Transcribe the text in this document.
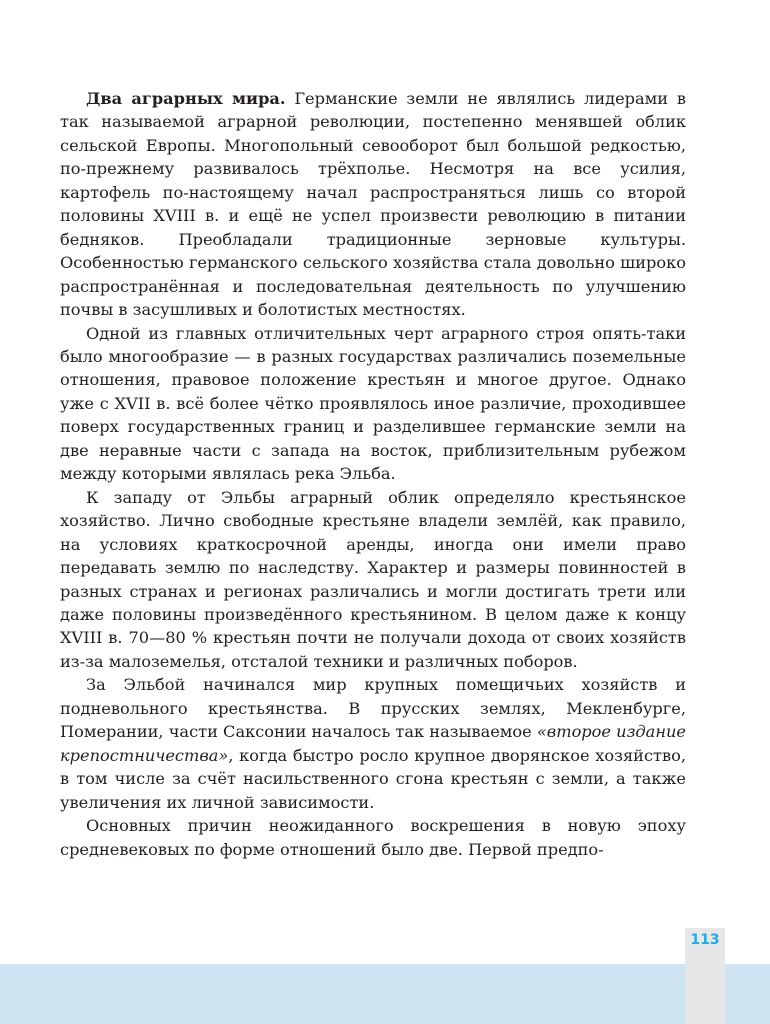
Два аграрных мира. Германские земли не являлись лидерами в так называемой аграрной революции, постепенно менявшей облик сельской Европы. Многопольный севооборот был большой редкостью, по-прежнему развивалось трёхполье. Несмотря на все усилия, картофель по-настоящему начал распространяться лишь со второй половины XVIII в. и ещё не успел произвести революцию в питании бедняков. Преобладали традиционные зерновые культуры. Особенностью германского сельского хозяйства стала довольно широко распространённая и последовательная деятельность по улучшению почвы в засушливых и болотистых местностях.

Одной из главных отличительных черт аграрного строя опять-таки было многообразие — в разных государствах различались поземельные отношения, правовое положение крестьян и многое другое. Однако уже с XVII в. всё более чётко проявлялось иное различие, проходившее поверх государственных границ и разделившее германские земли на две неравные части с запада на восток, приблизительным рубежом между которыми являлась река Эльба.

К западу от Эльбы аграрный облик определяло крестьянское хозяйство. Лично свободные крестьяне владели землёй, как правило, на условиях краткосрочной аренды, иногда они имели право передавать землю по наследству. Характер и размеры повинностей в разных странах и регионах различались и могли достигать трети или даже половины произведённого крестьянином. В целом даже к концу XVIII в. 70—80 % крестьян почти не получали дохода от своих хозяйств из-за малоземелья, отсталой техники и различных поборов.

За Эльбой начинался мир крупных помещичьих хозяйств и подневольного крестьянства. В прусских землях, Мекленбурге, Померании, части Саксонии началось так называемое «второе издание крепостничества», когда быстро росло крупное дворянское хозяйство, в том числе за счёт насильственного сгона крестьян с земли, а также увеличения их личной зависимости.

Основных причин неожиданного воскрешения в новую эпоху средневековых по форме отношений было две. Первой предпо-

113
